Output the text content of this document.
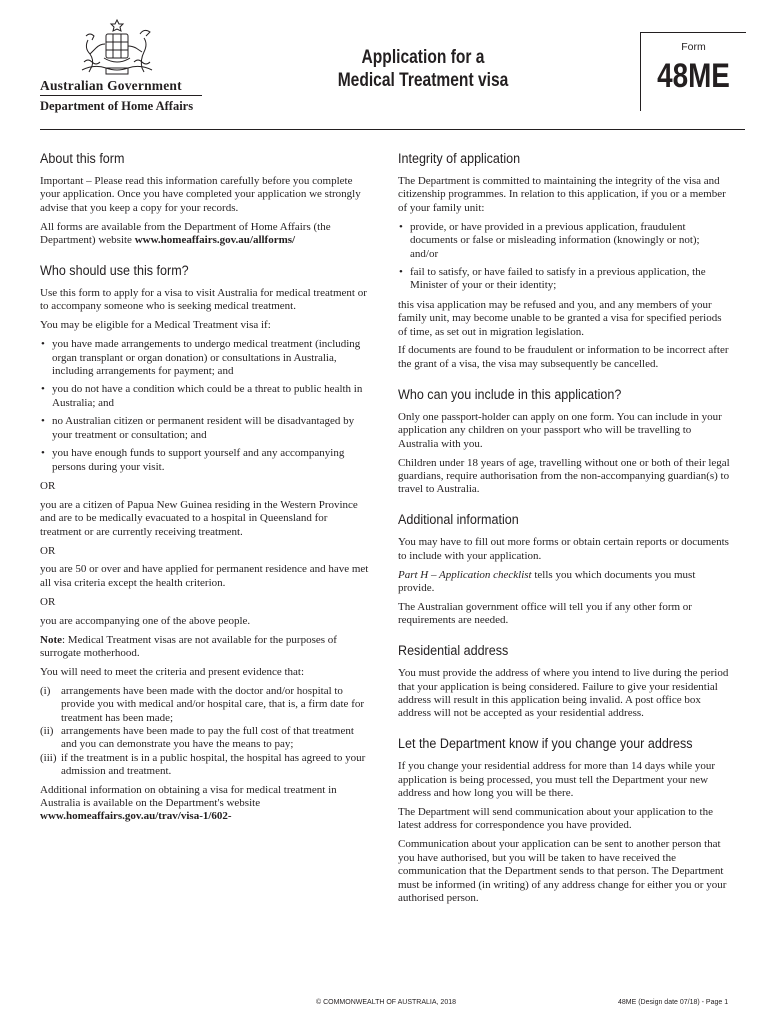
Australian Government
Department of Home Affairs
Application for a
Medical Treatment visa
Form
48ME
About this form

Important – Please read this information carefully before you complete your application. Once you have completed your application we strongly advise that you keep a copy for your records.

All forms are available from the Department of Home Affairs (the Department) website www.homeaffairs.gov.au/allforms/

Who should use this form?

Use this form to apply for a visa to visit Australia for medical treatment or to accompany someone who is seeking medical treatment.

You may be eligible for a Medical Treatment visa if:

• you have made arrangements to undergo medical treatment (including organ transplant or organ donation) or consultations in Australia, including arrangements for payment; and
• you do not have a condition which could be a threat to public health in Australia; and
• no Australian citizen or permanent resident will be disadvantaged by your treatment or consultation; and
• you have enough funds to support yourself and any accompanying persons during your visit.

OR

you are a citizen of Papua New Guinea residing in the Western Province and are to be medically evacuated to a hospital in Queensland for treatment or are currently receiving treatment.

OR

you are 50 or over and have applied for permanent residence and have met all visa criteria except the health criterion.

OR

you are accompanying one of the above people.

Note: Medical Treatment visas are not available for the purposes of surrogate motherhood.

You will need to meet the criteria and present evidence that:

(i) arrangements have been made with the doctor and/or hospital to provide you with medical and/or hospital care, that is, a firm date for treatment has been made;
(ii) arrangements have been made to pay the full cost of that treatment and you can demonstrate you have the means to pay;
(iii) if the treatment is in a public hospital, the hospital has agreed to your admission and treatment.

Additional information on obtaining a visa for medical treatment in Australia is available on the Department's website
www.homeaffairs.gov.au/trav/visa-1/602-

Integrity of application

The Department is committed to maintaining the integrity of the visa and citizenship programmes. In relation to this application, if you or a member of your family unit:

• provide, or have provided in a previous application, fraudulent documents or false or misleading information (knowingly or not); and/or
• fail to satisfy, or have failed to satisfy in a previous application, the Minister of your or their identity;

this visa application may be refused and you, and any members of your family unit, may become unable to be granted a visa for specified periods of time, as set out in migration legislation.

If documents are found to be fraudulent or information to be incorrect after the grant of a visa, the visa may subsequently be cancelled.

Who can you include in this application?

Only one passport-holder can apply on one form. You can include in your application any children on your passport who will be travelling to Australia with you.

Children under 18 years of age, travelling without one or both of their legal guardians, require authorisation from the non-accompanying guardian(s) to travel to Australia.

Additional information

You may have to fill out more forms or obtain certain reports or documents to include with your application.

Part H – Application checklist tells you which documents you must provide.

The Australian government office will tell you if any other form or requirements are needed.

Residential address

You must provide the address of where you intend to live during the period that your application is being considered. Failure to give your residential address will result in this application being invalid. A post office box address will not be accepted as your residential address.

Let the Department know if you change your address

If you change your residential address for more than 14 days while your application is being processed, you must tell the Department your new address and how long you will be there.

The Department will send communication about your application to the latest address for correspondence you have provided.

Communication about your application can be sent to another person that you have authorised, but you will be taken to have received the communication that the Department sends to that person. The Department must be informed (in writing) of any address change for either you or your authorised person.

© COMMONWEALTH OF AUSTRALIA, 2018	48ME (Design date 07/18) - Page 1
